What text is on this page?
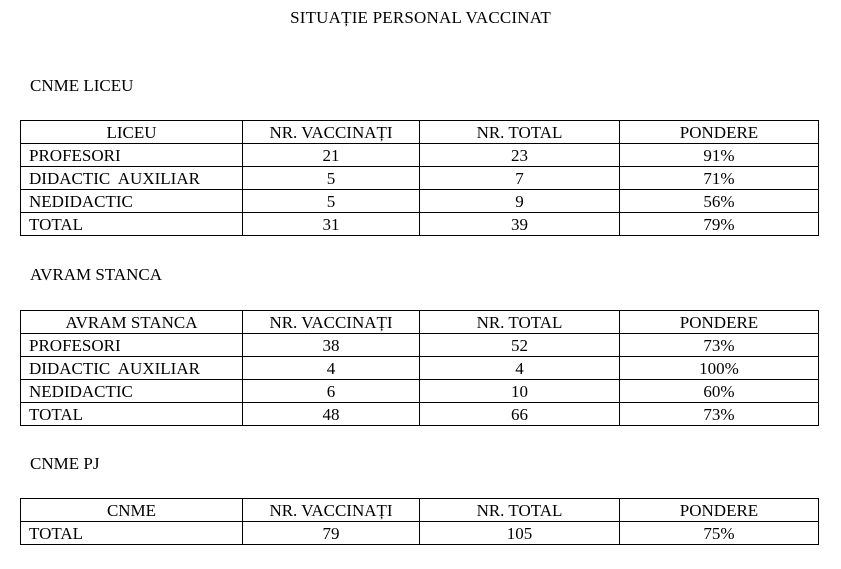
SITUAȚIE PERSONAL VACCINAT
CNME LICEU
LICEU	NR. VACCINAȚI	NR. TOTAL	PONDERE
PROFESORI	21	23	91%
DIDACTIC  AUXILIAR	5	7	71%
NEDIDACTIC	5	9	56%
TOTAL	31	39	79%
AVRAM STANCA
AVRAM STANCA	NR. VACCINAȚI	NR. TOTAL	PONDERE
PROFESORI	38	52	73%
DIDACTIC  AUXILIAR	4	4	100%
NEDIDACTIC	6	10	60%
TOTAL	48	66	73%
CNME PJ
CNME	NR. VACCINAȚI	NR. TOTAL	PONDERE
TOTAL	79	105	75%
